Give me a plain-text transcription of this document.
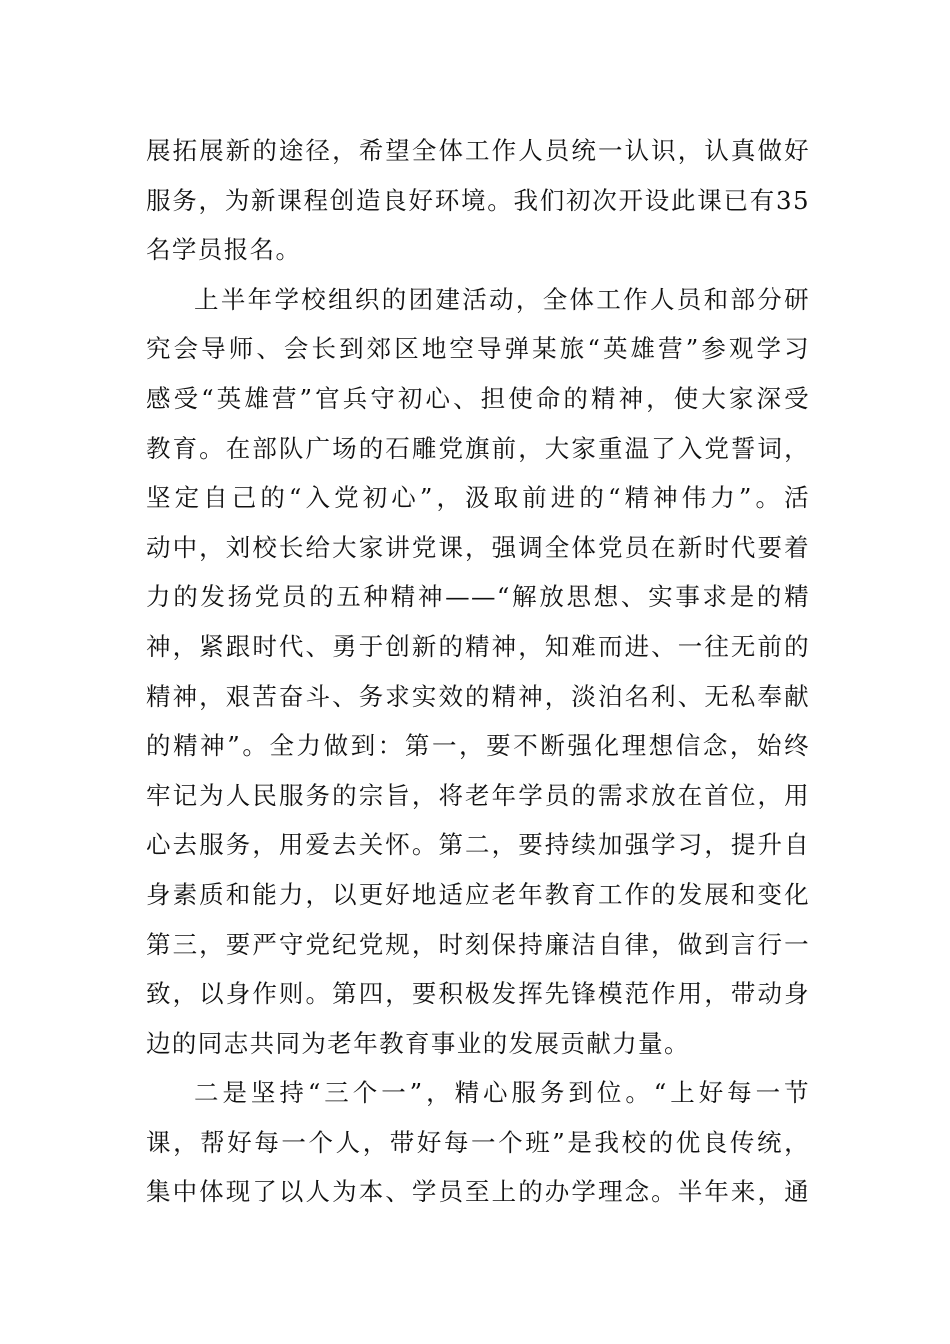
展拓展新的途径，希望全体工作人员统一认识，认真做好
服务，为新课程创造良好环境。我们初次开设此课已有35
名学员报名。

上半年学校组织的团建活动，全体工作人员和部分研
究会导师、会长到郊区地空导弹某旅“英雄营”参观学习
感受“英雄营”官兵守初心、担使命的精神，使大家深受
教育。在部队广场的石雕党旗前，大家重温了入党誓词，
坚定自己的“入党初心”，汲取前进的“精神伟力”。活
动中，刘校长给大家讲党课，强调全体党员在新时代要着
力的发扬党员的五种精神——“解放思想、实事求是的精
神，紧跟时代、勇于创新的精神，知难而进、一往无前的
精神，艰苦奋斗、务求实效的精神，淡泊名利、无私奉献
的精神”。全力做到：第一，要不断强化理想信念，始终
牢记为人民服务的宗旨，将老年学员的需求放在首位，用
心去服务，用爱去关怀。第二，要持续加强学习，提升自
身素质和能力，以更好地适应老年教育工作的发展和变化
第三，要严守党纪党规，时刻保持廉洁自律，做到言行一
致，以身作则。第四，要积极发挥先锋模范作用，带动身
边的同志共同为老年教育事业的发展贡献力量。

二是坚持“三个一”，精心服务到位。“上好每一节
课，帮好每一个人，带好每一个班”是我校的优良传统，
集中体现了以人为本、学员至上的办学理念。半年来，通
